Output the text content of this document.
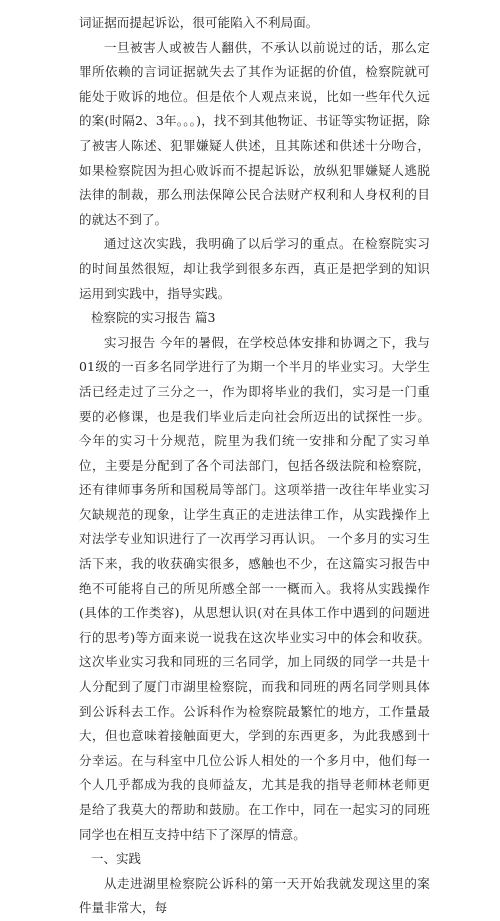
词证据而提起诉讼，很可能陷入不利局面。

一旦被害人或被告人翻供，不承认以前说过的话，那么定罪所依赖的言词证据就失去了其作为证据的价值，检察院就可能处于败诉的地位。但是依个人观点来说，比如一些年代久远的案(时隔2、3年。。。)，找不到其他物证、书证等实物证据，除了被害人陈述、犯罪嫌疑人供述，且其陈述和供述十分吻合，如果检察院因为担心败诉而不提起诉讼，放纵犯罪嫌疑人逃脱法律的制裁，那么刑法保障公民合法财产权利和人身权利的目的就达不到了。

通过这次实践，我明确了以后学习的重点。在检察院实习的时间虽然很短，却让我学到很多东西，真正是把学到的知识运用到实践中，指导实践。

检察院的实习报告 篇3

实习报告 今年的暑假，在学校总体安排和协调之下，我与01级的一百多名同学进行了为期一个半月的毕业实习。大学生活已经走过了三分之一，作为即将毕业的我们，实习是一门重要的必修课，也是我们毕业后走向社会所迈出的试探性一步。今年的实习十分规范，院里为我们统一安排和分配了实习单位，主要是分配到了各个司法部门，包括各级法院和检察院，还有律师事务所和国税局等部门。这项举措一改往年毕业实习欠缺规范的现象，让学生真正的走进法律工作，从实践操作上对法学专业知识进行了一次再学习再认识。 一个多月的实习生活下来，我的收获确实很多，感触也不少，在这篇实习报告中绝不可能将自己的所见所感全部一一概而入。我将从实践操作(具体的工作类容)，从思想认识(对在具体工作中遇到的问题进行的思考)等方面来说一说我在这次毕业实习中的体会和收获。这次毕业实习我和同班的三名同学，加上同级的同学一共是十人分配到了厦门市湖里检察院，而我和同班的两名同学则具体到公诉科去工作。公诉科作为检察院最繁忙的地方，工作量最大，但也意味着接触面更大，学到的东西更多，为此我感到十分幸运。在与科室中几位公诉人相处的一个多月中，他们每一个人几乎都成为我的良师益友，尤其是我的指导老师林老师更是给了我莫大的帮助和鼓励。在工作中，同在一起实习的同班同学也在相互支持中结下了深厚的情意。

一、实践

从走进湖里检察院公诉科的第一天开始我就发现这里的案件量非常大，每
